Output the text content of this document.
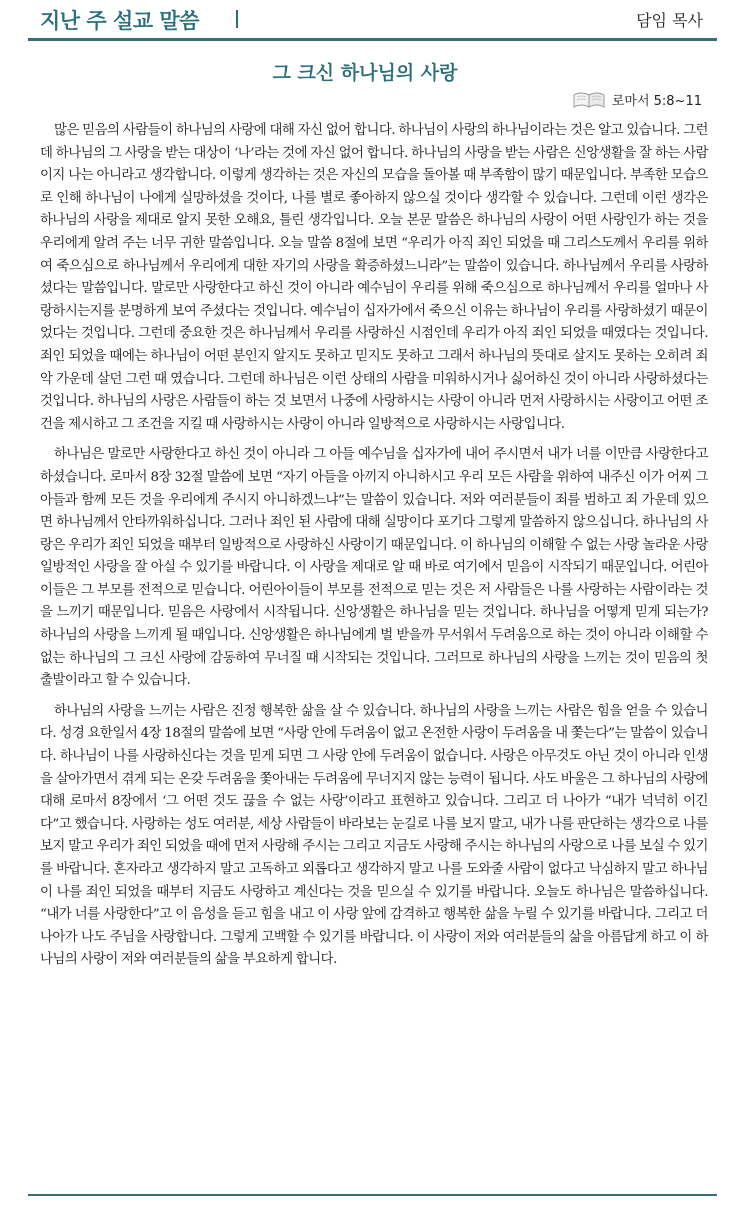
지난 주 설교 말씀	담임 목사
그 크신 하나님의 사랑
로마서 5:8~11

많은 믿음의 사람들이 하나님의 사랑에 대해 자신 없어 합니다. 하나님이 사랑의 하나님이라는 것은 알고 있습니다. 그런데 하나님의 그 사랑을 받는 대상이 ‘나’라는 것에 자신 없어 합니다. 하나님의 사랑을 받는 사람은 신앙생활을 잘 하는 사람이지 나는 아니라고 생각합니다. 이렇게 생각하는 것은 자신의 모습을 돌아볼 때 부족함이 많기 때문입니다. 부족한 모습으로 인해 하나님이 나에게 실망하셨을 것이다, 나를 별로 좋아하지 않으실 것이다 생각할 수 있습니다. 그런데 이런 생각은 하나님의 사랑을 제대로 알지 못한 오해요, 틀린 생각입니다. 오늘 본문 말씀은 하나님의 사랑이 어떤 사랑인가 하는 것을 우리에게 알려 주는 너무 귀한 말씀입니다. 오늘 말씀 8절에 보면 “우리가 아직 죄인 되었을 때 그리스도께서 우리를 위하여 죽으심으로 하나님께서 우리에게 대한 자기의 사랑을 확증하셨느니라”는 말씀이 있습니다. 하나님께서 우리를 사랑하셨다는 말씀입니다. 말로만 사랑한다고 하신 것이 아니라 예수님이 우리를 위해 죽으심으로 하나님께서 우리를 얼마나 사랑하시는지를 분명하게 보여 주셨다는 것입니다. 예수님이 십자가에서 죽으신 이유는 하나님이 우리를 사랑하셨기 때문이었다는 것입니다. 그런데 중요한 것은 하나님께서 우리를 사랑하신 시점인데 우리가 아직 죄인 되었을 때였다는 것입니다. 죄인 되었을 때에는 하나님이 어떤 분인지 알지도 못하고 믿지도 못하고 그래서 하나님의 뜻대로 살지도 못하는 오히려 죄악 가운데 살던 그런 때 였습니다. 그런데 하나님은 이런 상태의 사람을 미워하시거나 싫어하신 것이 아니라 사랑하셨다는 것입니다. 하나님의 사랑은 사람들이 하는 것 보면서 나중에 사랑하시는 사랑이 아니라 먼저 사랑하시는 사랑이고 어떤 조건을 제시하고 그 조건을 지킬 때 사랑하시는 사랑이 아니라 일방적으로 사랑하시는 사랑입니다.

하나님은 말로만 사랑한다고 하신 것이 아니라 그 아들 예수님을 십자가에 내어 주시면서 내가 너를 이만큼 사랑한다고 하셨습니다. 로마서 8장 32절 말씀에 보면 “자기 아들을 아끼지 아니하시고 우리 모든 사람을 위하여 내주신 이가 어찌 그 아들과 함께 모든 것을 우리에게 주시지 아니하겠느냐”는 말씀이 있습니다. 저와 여러분들이 죄를 범하고 죄 가운데 있으면 하나님께서 안타까워하십니다. 그러나 죄인 된 사람에 대해 실망이다 포기다 그렇게 말씀하지 않으십니다. 하나님의 사랑은 우리가 죄인 되었을 때부터 일방적으로 사랑하신 사랑이기 때문입니다. 이 하나님의 이해할 수 없는 사랑 놀라운 사랑 일방적인 사랑을 잘 아실 수 있기를 바랍니다. 이 사랑을 제대로 알 때 바로 여기에서 믿음이 시작되기 때문입니다. 어린아이들은 그 부모를 전적으로 믿습니다. 어린아이들이 부모를 전적으로 믿는 것은 저 사람들은 나를 사랑하는 사람이라는 것을 느끼기 때문입니다. 믿음은 사랑에서 시작됩니다. 신앙생활은 하나님을 믿는 것입니다. 하나님을 어떻게 믿게 되는가? 하나님의 사랑을 느끼게 될 때입니다. 신앙생활은 하나님에게 벌 받을까 무서워서 두려움으로 하는 것이 아니라 이해할 수 없는 하나님의 그 크신 사랑에 감동하여 무너질 때 시작되는 것입니다. 그러므로 하나님의 사랑을 느끼는 것이 믿음의 첫 출발이라고 할 수 있습니다.

하나님의 사랑을 느끼는 사람은 진정 행복한 삶을 살 수 있습니다. 하나님의 사랑을 느끼는 사람은 힘을 얻을 수 있습니다. 성경 요한일서 4장 18절의 말씀에 보면 “사랑 안에 두려움이 없고 온전한 사랑이 두려움을 내 쫓는다”는 말씀이 있습니다. 하나님이 나를 사랑하신다는 것을 믿게 되면 그 사랑 안에 두려움이 없습니다. 사랑은 아무것도 아닌 것이 아니라 인생을 살아가면서 겪게 되는 온갖 두려움을 쫓아내는 두려움에 무너지지 않는 능력이 됩니다. 사도 바울은 그 하나님의 사랑에 대해 로마서 8장에서 ‘그 어떤 것도 끊을 수 없는 사랑’이라고 표현하고 있습니다. 그리고 더 나아가 “내가 넉넉히 이긴다”고 했습니다. 사랑하는 성도 여러분, 세상 사람들이 바라보는 눈길로 나를 보지 말고, 내가 나를 판단하는 생각으로 나를 보지 말고 우리가 죄인 되었을 때에 먼저 사랑해 주시는 그리고 지금도 사랑해 주시는 하나님의 사랑으로 나를 보실 수 있기를 바랍니다. 혼자라고 생각하지 말고 고독하고 외롭다고 생각하지 말고 나를 도와줄 사람이 없다고 낙심하지 말고 하나님이 나를 죄인 되었을 때부터 지금도 사랑하고 계신다는 것을 믿으실 수 있기를 바랍니다. 오늘도 하나님은 말씀하십니다. “내가 너를 사랑한다”고 이 음성을 듣고 힘을 내고 이 사랑 앞에 감격하고 행복한 삶을 누릴 수 있기를 바랍니다. 그리고 더 나아가 나도 주님을 사랑합니다. 그렇게 고백할 수 있기를 바랍니다. 이 사랑이 저와 여러분들의 삶을 아름답게 하고 이 하나님의 사랑이 저와 여러분들의 삶을 부요하게 합니다.
